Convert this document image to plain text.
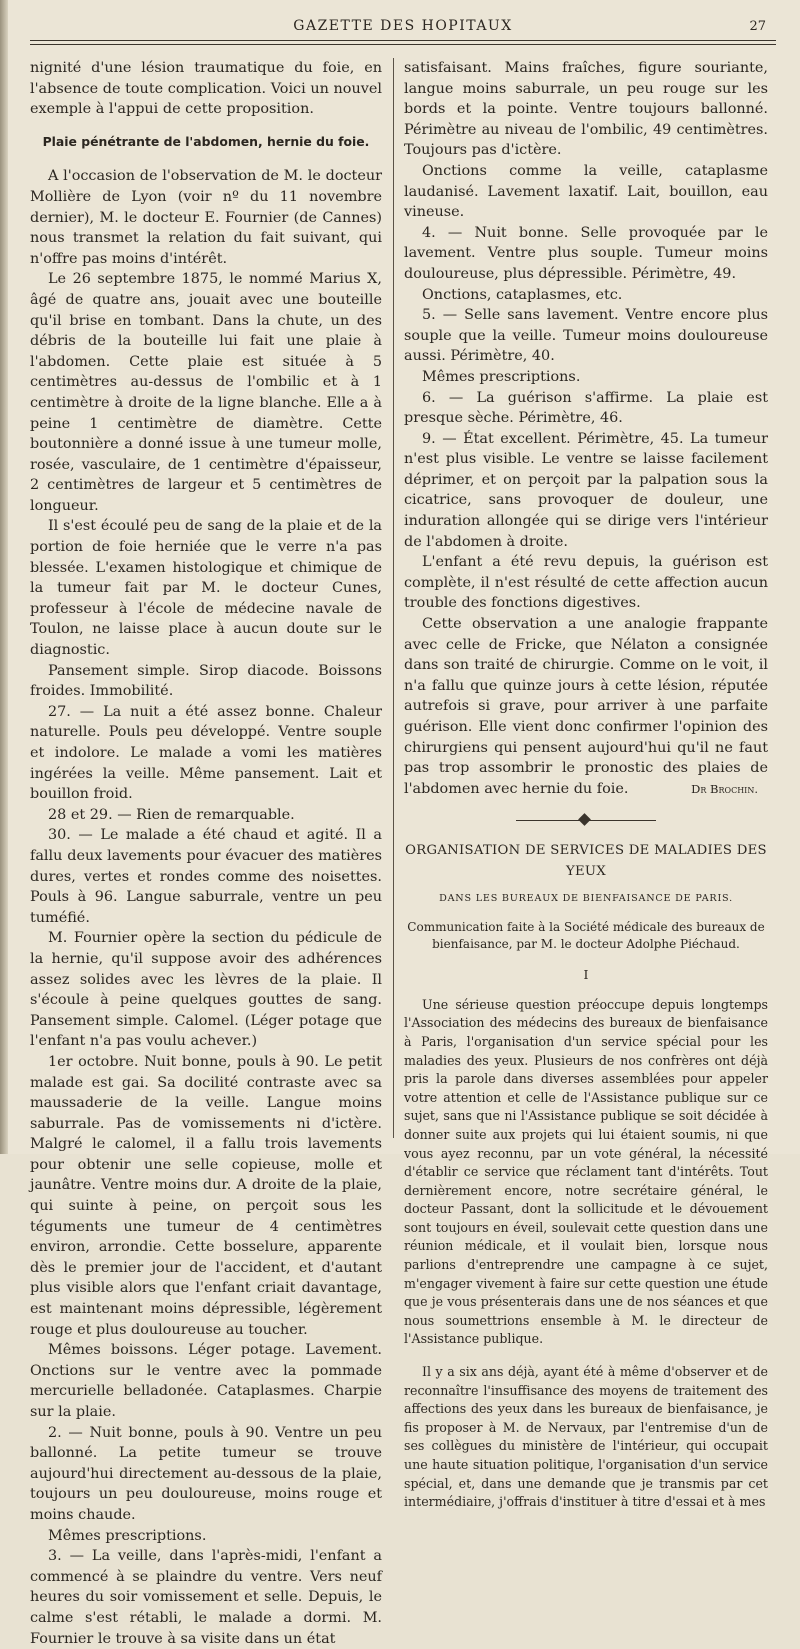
GAZETTE DES HOPITAUX	27

nignité d'une lésion traumatique du foie, en l'absence de toute complication. Voici un nouvel exemple à l'appui de cette proposition.

Plaie pénétrante de l'abdomen, hernie du foie.

A l'occasion de l'observation de M. le docteur Mollière de Lyon (voir nº du 11 novembre dernier), M. le docteur E. Fournier (de Cannes) nous transmet la relation du fait suivant, qui n'offre pas moins d'intérêt.

Le 26 septembre 1875, le nommé Marius X, âgé de quatre ans, jouait avec une bouteille qu'il brise en tombant. Dans la chute, un des débris de la bouteille lui fait une plaie à l'abdomen. Cette plaie est située à 5 centimètres au-dessus de l'ombilic et à 1 centimètre à droite de la ligne blanche. Elle a à peine 1 centimètre de diamètre. Cette boutonnière a donné issue à une tumeur molle, rosée, vasculaire, de 1 centimètre d'épaisseur, 2 centimètres de largeur et 5 centimètres de longueur.

Il s'est écoulé peu de sang de la plaie et de la portion de foie herniée que le verre n'a pas blessée. L'examen histologique et chimique de la tumeur fait par M. le docteur Cunes, professeur à l'école de médecine navale de Toulon, ne laisse place à aucun doute sur le diagnostic.

Pansement simple. Sirop diacode. Boissons froides. Immobilité.

27. — La nuit a été assez bonne. Chaleur naturelle. Pouls peu développé. Ventre souple et indolore. Le malade a vomi les matières ingérées la veille. Même pansement. Lait et bouillon froid.

28 et 29. — Rien de remarquable.

30. — Le malade a été chaud et agité. Il a fallu deux lavements pour évacuer des matières dures, vertes et rondes comme des noisettes. Pouls à 96. Langue saburrale, ventre un peu tuméfié.

M. Fournier opère la section du pédicule de la hernie, qu'il suppose avoir des adhérences assez solides avec les lèvres de la plaie. Il s'écoule à peine quelques gouttes de sang. Pansement simple. Calomel. (Léger potage que l'enfant n'a pas voulu achever.)

1er octobre. Nuit bonne, pouls à 90. Le petit malade est gai. Sa docilité contraste avec sa maussaderie de la veille. Langue moins saburrale. Pas de vomissements ni d'ictère. Malgré le calomel, il a fallu trois lavements pour obtenir une selle copieuse, molle et jaunâtre. Ventre moins dur. A droite de la plaie, qui suinte à peine, on perçoit sous les téguments une tumeur de 4 centimètres environ, arrondie. Cette bosselure, apparente dès le premier jour de l'accident, et d'autant plus visible alors que l'enfant criait davantage, est maintenant moins dépressible, légèrement rouge et plus douloureuse au toucher.

Mêmes boissons. Léger potage. Lavement. Onctions sur le ventre avec la pommade mercurielle belladonée. Cataplasmes. Charpie sur la plaie.

2. — Nuit bonne, pouls à 90. Ventre un peu ballonné. La petite tumeur se trouve aujourd'hui directement au-dessous de la plaie, toujours un peu douloureuse, moins rouge et moins chaude.

Mêmes prescriptions.

3. — La veille, dans l'après-midi, l'enfant a commencé à se plaindre du ventre. Vers neuf heures du soir vomissement et selle. Depuis, le calme s'est rétabli, le malade a dormi. M. Fournier le trouve à sa visite dans un état

satisfaisant. Mains fraîches, figure souriante, langue moins saburrale, un peu rouge sur les bords et la pointe. Ventre toujours ballonné. Périmètre au niveau de l'ombilic, 49 centimètres. Toujours pas d'ictère.

Onctions comme la veille, cataplasme laudanisé. Lavement laxatif. Lait, bouillon, eau vineuse.

4. — Nuit bonne. Selle provoquée par le lavement. Ventre plus souple. Tumeur moins douloureuse, plus dépressible. Périmètre, 49.

Onctions, cataplasmes, etc.

5. — Selle sans lavement. Ventre encore plus souple que la veille. Tumeur moins douloureuse aussi. Périmètre, 40.

Mêmes prescriptions.

6. — La guérison s'affirme. La plaie est presque sèche. Périmètre, 46.

9. — État excellent. Périmètre, 45. La tumeur n'est plus visible. Le ventre se laisse facilement déprimer, et on perçoit par la palpation sous la cicatrice, sans provoquer de douleur, une induration allongée qui se dirige vers l'intérieur de l'abdomen à droite.

L'enfant a été revu depuis, la guérison est complète, il n'est résulté de cette affection aucun trouble des fonctions digestives.

Cette observation a une analogie frappante avec celle de Fricke, que Nélaton a consignée dans son traité de chirurgie. Comme on le voit, il n'a fallu que quinze jours à cette lésion, réputée autrefois si grave, pour arriver à une parfaite guérison. Elle vient donc confirmer l'opinion des chirurgiens qui pensent aujourd'hui qu'il ne faut pas trop assombrir le pronostic des plaies de l'abdomen avec hernie du foie.	Dr Brochin.
ORGANISATION DE SERVICES DE MALADIES DES YEUX
DANS LES BUREAUX DE BIENFAISANCE DE PARIS.
Communication faite à la Société médicale des bureaux de bienfaisance, par M. le docteur Adolphe Piéchaud.
I

Une sérieuse question préoccupe depuis longtemps l'Association des médecins des bureaux de bienfaisance à Paris, l'organisation d'un service spécial pour les maladies des yeux. Plusieurs de nos confrères ont déjà pris la parole dans diverses assemblées pour appeler votre attention et celle de l'Assistance publique sur ce sujet, sans que ni l'Assistance publique se soit décidée à donner suite aux projets qui lui étaient soumis, ni que vous ayez reconnu, par un vote général, la nécessité d'établir ce service que réclament tant d'intérêts. Tout dernièrement encore, notre secrétaire général, le docteur Passant, dont la sollicitude et le dévouement sont toujours en éveil, soulevait cette question dans une réunion médicale, et il voulait bien, lorsque nous parlions d'entreprendre une campagne à ce sujet, m'engager vivement à faire sur cette question une étude que je vous présenterais dans une de nos séances et que nous soumettrions ensemble à M. le directeur de l'Assistance publique.

Il y a six ans déjà, ayant été à même d'observer et de reconnaître l'insuffisance des moyens de traitement des affections des yeux dans les bureaux de bienfaisance, je fis proposer à M. de Nervaux, par l'entremise d'un de ses collègues du ministère de l'intérieur, qui occupait une haute situation politique, l'organisation d'un service spécial, et, dans une demande que je transmis par cet intermédiaire, j'offrais d'instituer à titre d'essai et à mes
